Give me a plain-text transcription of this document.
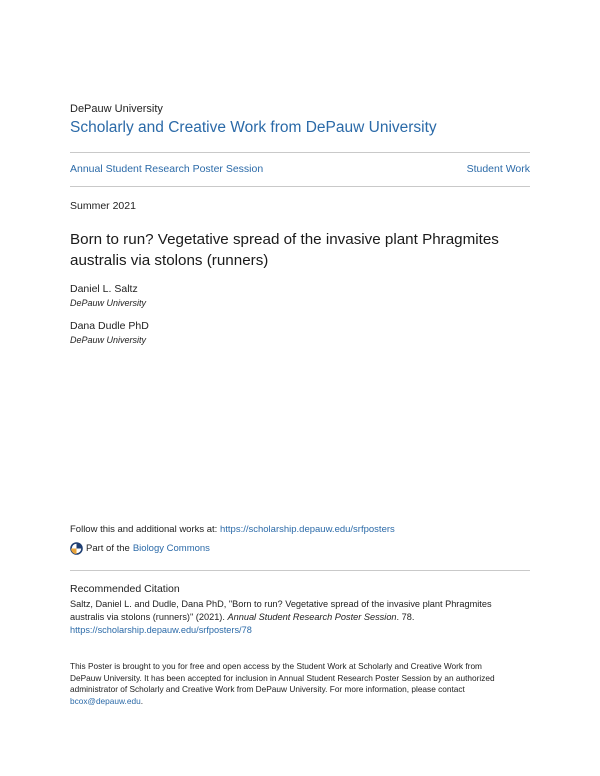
DePauw University
Scholarly and Creative Work from DePauw University
Annual Student Research Poster Session	Student Work
Summer 2021
Born to run? Vegetative spread of the invasive plant Phragmites
australis via stolons (runners)
Daniel L. Saltz
DePauw University
Dana Dudle PhD
DePauw University
Follow this and additional works at: https://scholarship.depauw.edu/srfposters
Part of the Biology Commons
Recommended Citation
Saltz, Daniel L. and Dudle, Dana PhD, "Born to run? Vegetative spread of the invasive plant Phragmites
australis via stolons (runners)" (2021). Annual Student Research Poster Session. 78.
https://scholarship.depauw.edu/srfposters/78
This Poster is brought to you for free and open access by the Student Work at Scholarly and Creative Work from
DePauw University. It has been accepted for inclusion in Annual Student Research Poster Session by an authorized
administrator of Scholarly and Creative Work from DePauw University. For more information, please contact
bcox@depauw.edu.
